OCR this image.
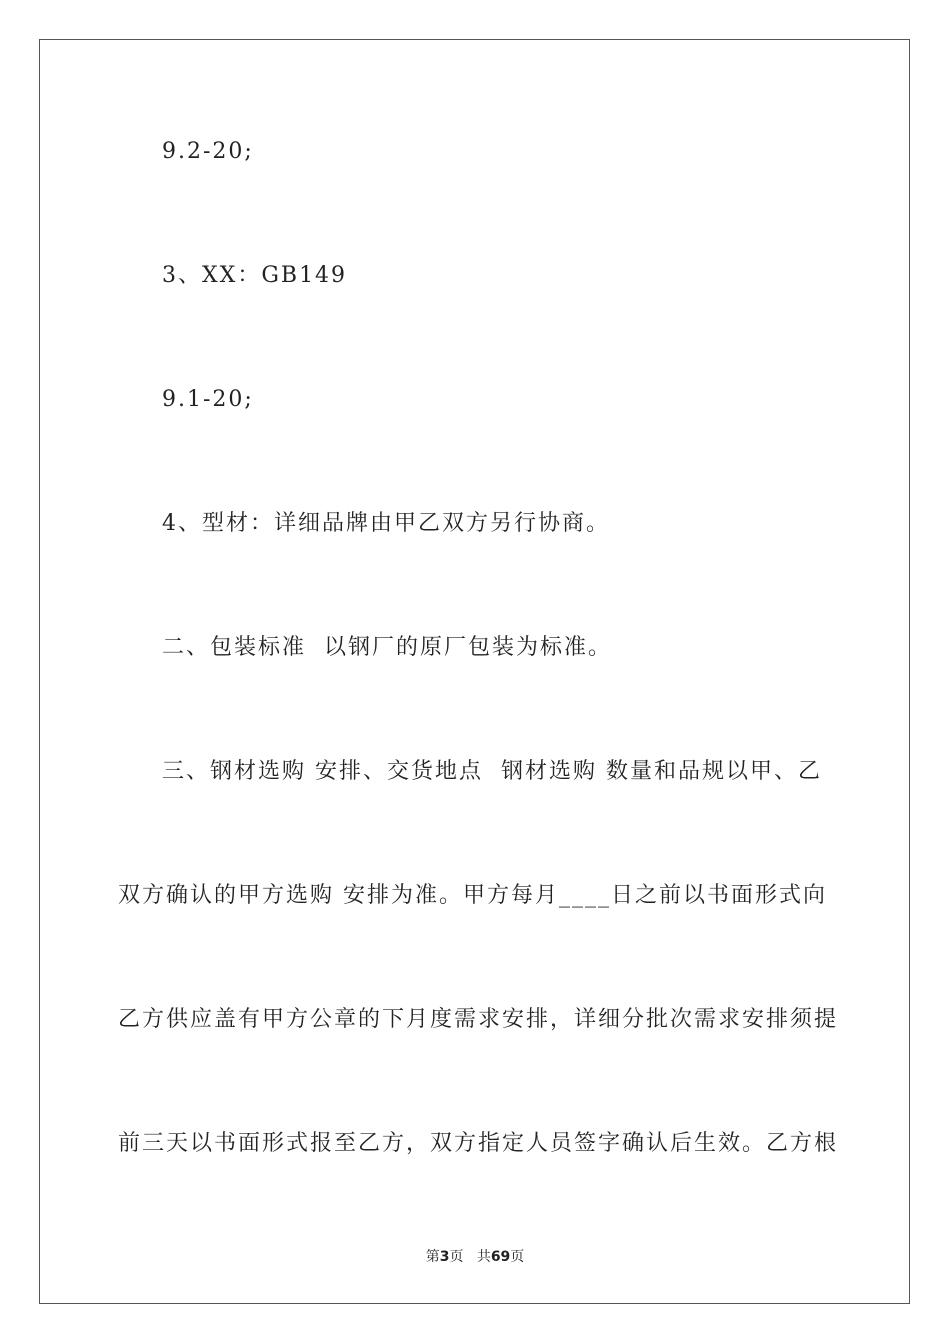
9.2-20;
3、XX：GB149
9.1-20;
4、型材：详细品牌由甲乙双方另行协商。
二、包装标准  以钢厂的原厂包装为标准。
三、钢材选购 安排、交货地点  钢材选购 数量和品规以甲、乙
双方确认的甲方选购 安排为准。甲方每月____日之前以书面形式向
乙方供应盖有甲方公章的下月度需求安排，详细分批次需求安排须提
前三天以书面形式报至乙方，双方指定人员签字确认后生效。乙方根
第3页 共69页
